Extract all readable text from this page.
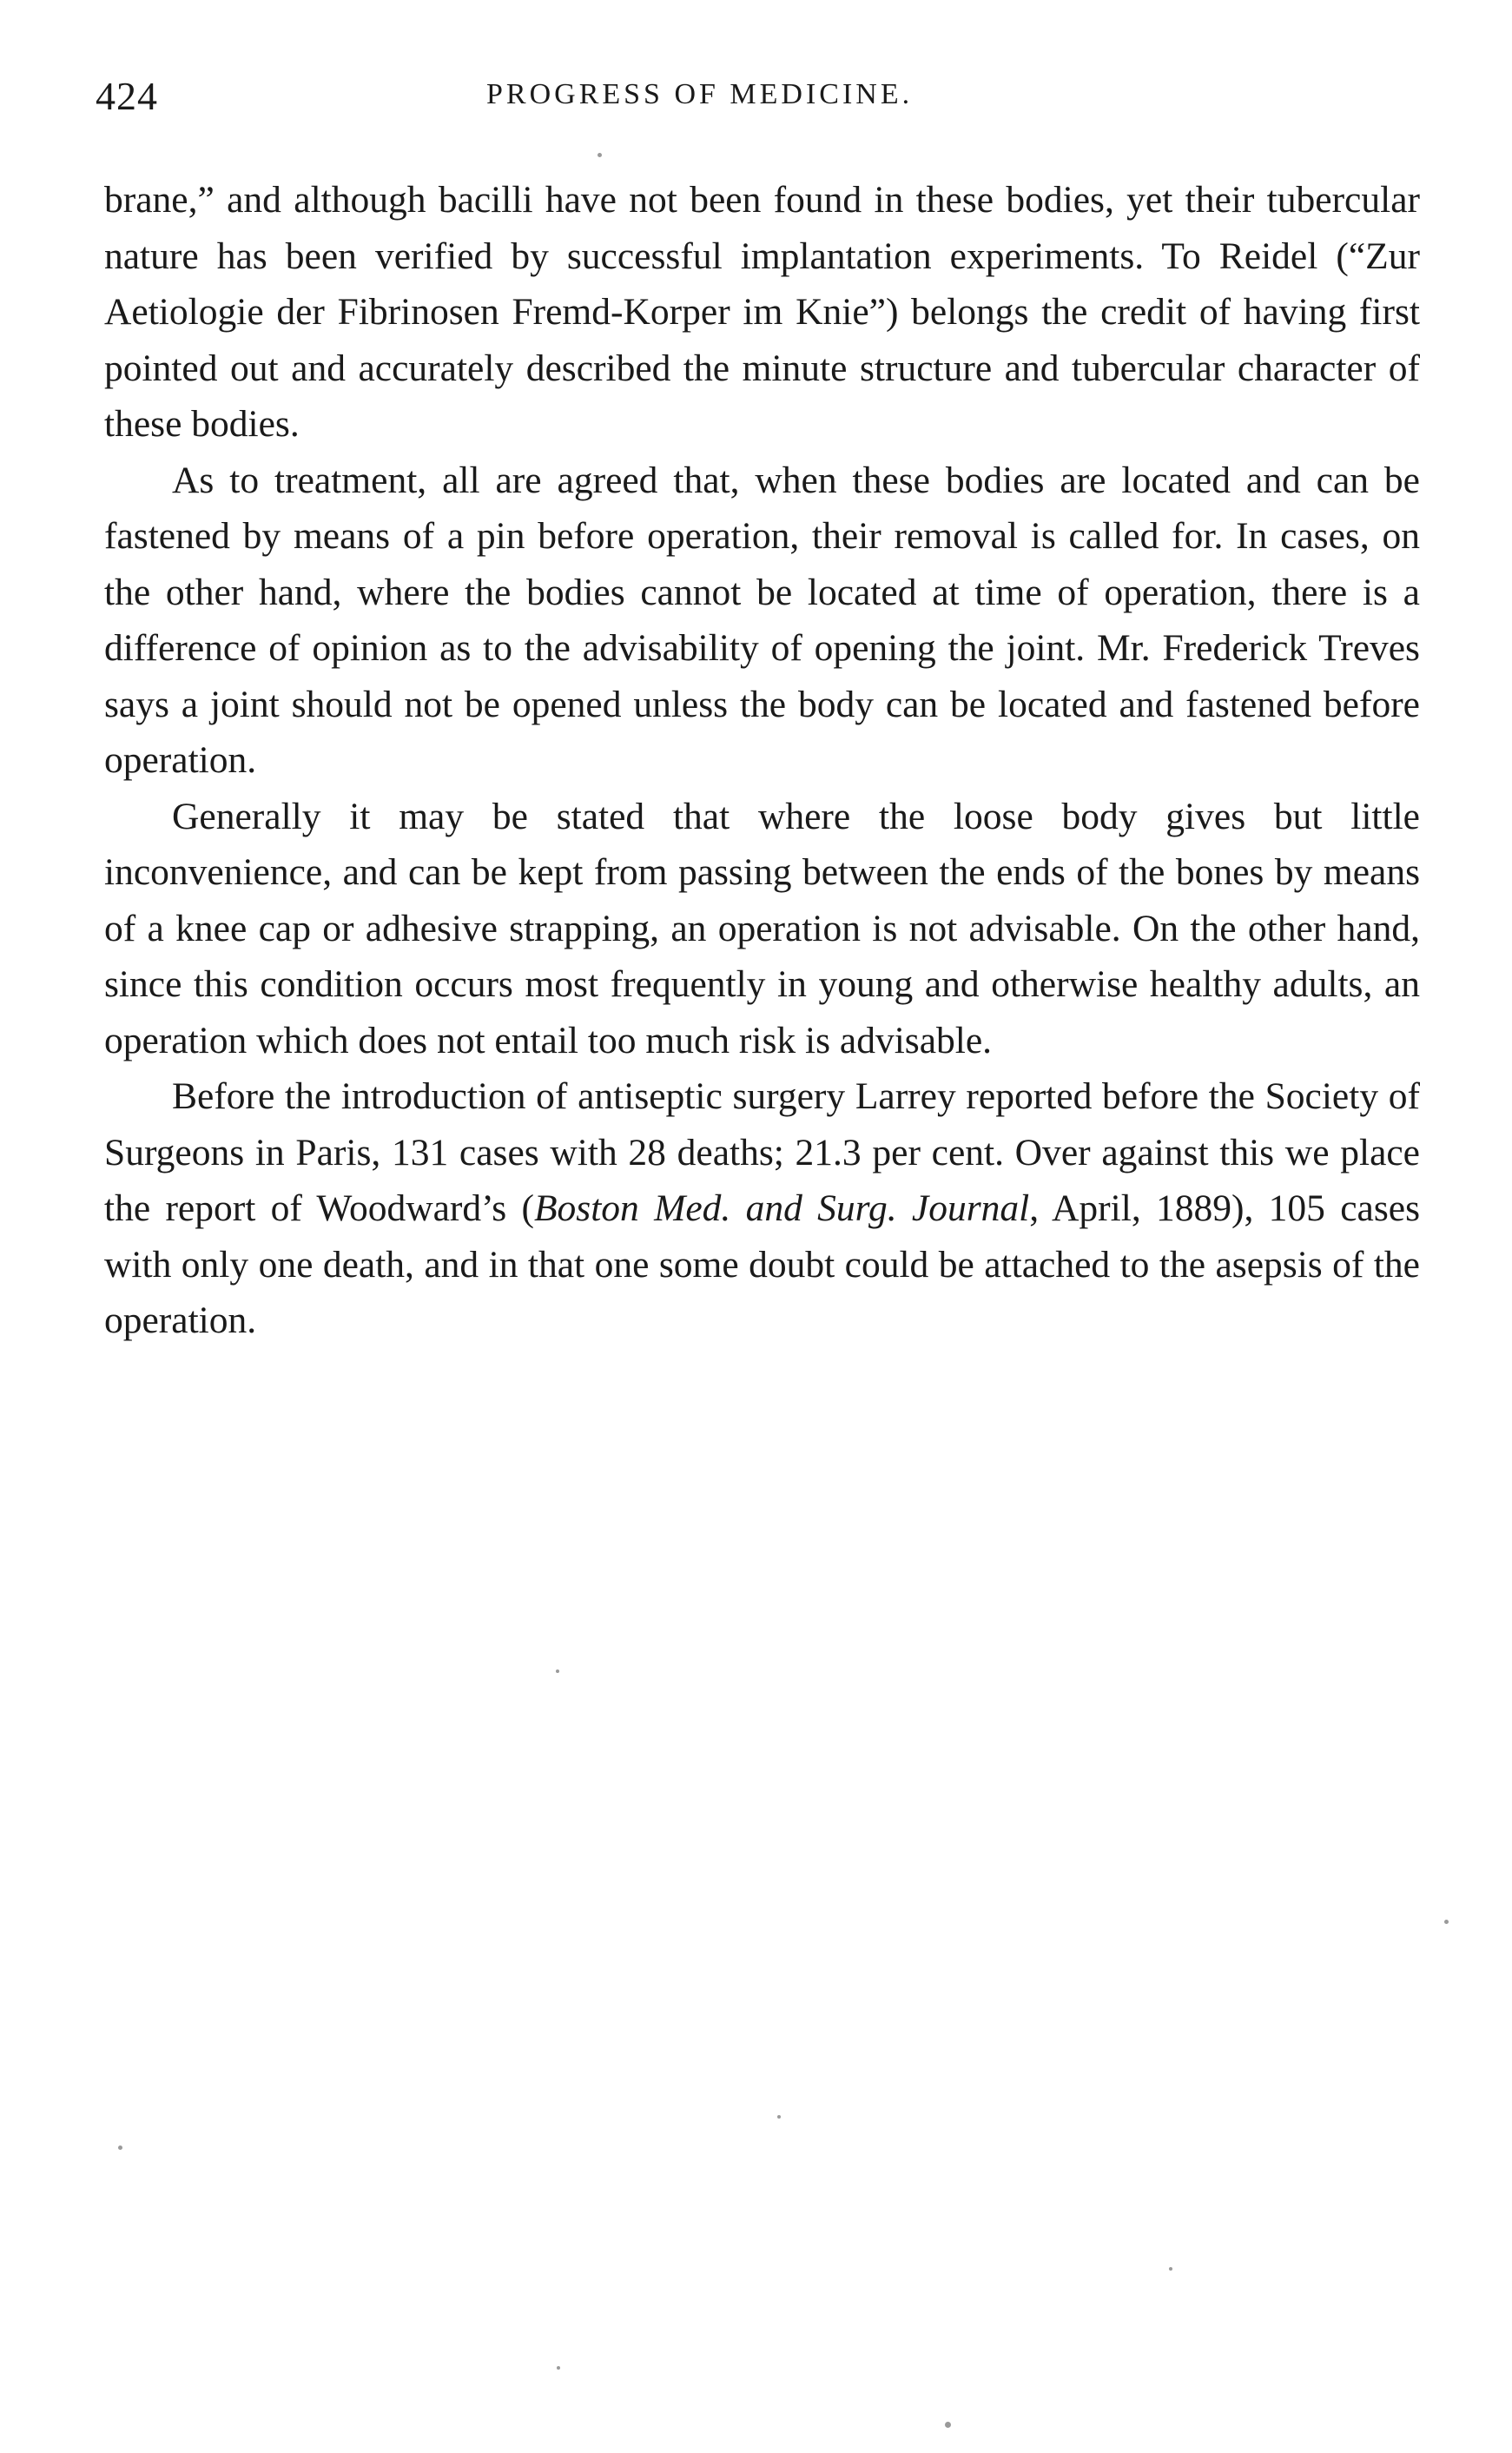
424	PROGRESS OF MEDICINE.

brane,” and although bacilli have not been found in these bodies, yet their tubercular nature has been verified by successful implantation experiments. To Reidel (“Zur Aetiologie der Fibrinosen Fremd-Korper im Knie”) belongs the credit of having first pointed out and accurately described the minute structure and tubercular character of these bodies.

As to treatment, all are agreed that, when these bodies are located and can be fastened by means of a pin before operation, their removal is called for. In cases, on the other hand, where the bodies cannot be located at time of operation, there is a difference of opinion as to the advisability of opening the joint. Mr. Frederick Treves says a joint should not be opened unless the body can be located and fastened before operation.

Generally it may be stated that where the loose body gives but little inconvenience, and can be kept from passing between the ends of the bones by means of a knee cap or adhesive strapping, an operation is not advisable. On the other hand, since this condition occurs most frequently in young and otherwise healthy adults, an operation which does not entail too much risk is advisable.

Before the introduction of antiseptic surgery Larrey reported before the Society of Surgeons in Paris, 131 cases with 28 deaths; 21.3 per cent. Over against this we place the report of Woodward’s (Boston Med. and Surg. Journal, April, 1889), 105 cases with only one death, and in that one some doubt could be attached to the asepsis of the operation.
